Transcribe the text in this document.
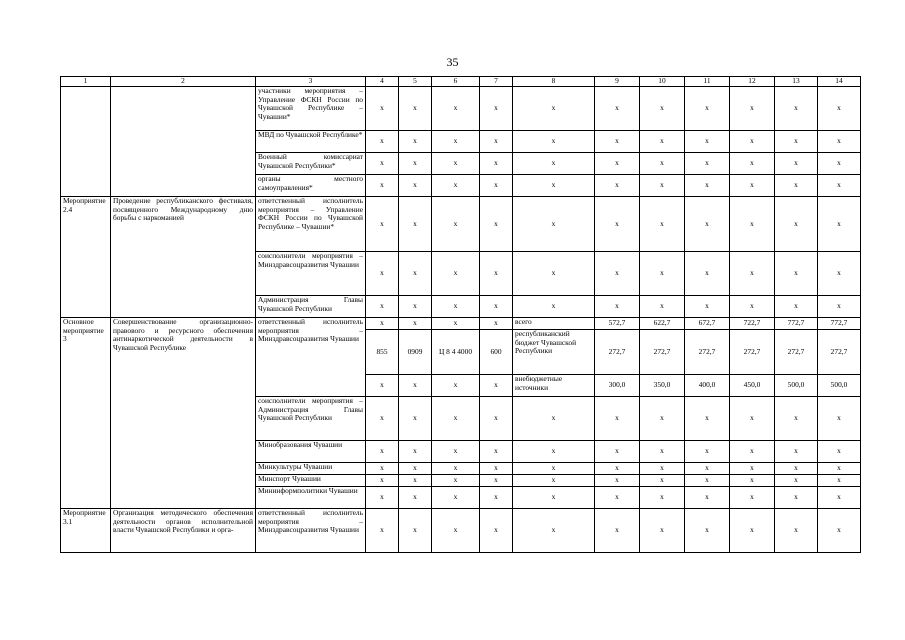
35
1	2	3	4	5	6	7	8	9	10	11	12	13	14
		участники мероприятия – Управление ФСКН России по Чувашской Республике – Чувашии*	x	x	x	x	x	x	x	x	x	x	x
		МВД по Чувашской Республике*	x	x	x	x	x	x	x	x	x	x	x
		Военный комиссариат Чувашской Республики*	x	x	x	x	x	x	x	x	x	x	x
		органы местного самоуправления*	x	x	x	x	x	x	x	x	x	x	x
Мероприятие 2.4	Проведение республиканского фестиваля, посвященного Международному дню борьбы с наркоманией	ответственный исполнитель мероприятия – Управление ФСКН России по Чувашской Республике – Чувашии*	x	x	x	x	x	x	x	x	x	x	x
		соисполнители мероприятия – Минздравсоцразвития Чувашии	x	x	x	x	x	x	x	x	x	x	x
		Администрация Главы Чувашской Республики	x	x	x	x	x	x	x	x	x	x	x
Основное мероприятие 3	Совершенствование организационно-правового и ресурсного обеспечения антинаркотической деятельности в Чувашской Республике	ответственный исполнитель мероприятия – Минздравсоцразвития Чувашии	x	x	x	x	всего	572,7	622,7	672,7	722,7	772,7	772,7
			855	0909	Ц 8 4 4000	600	республиканский бюджет Чувашской Республики	272,7	272,7	272,7	272,7	272,7	272,7
			x	x	x	x	внебюджетные источники	300,0	350,0	400,0	450,0	500,0	500,0
		соисполнители мероприятия – Администрация Главы Чувашской Республики	x	x	x	x	x	x	x	x	x	x	x
		Минобразования Чувашии	x	x	x	x	x	x	x	x	x	x	x
		Минкультуры Чувашии	x	x	x	x	x	x	x	x	x	x	x
		Минспорт Чувашии	x	x	x	x	x	x	x	x	x	x	x
		Мининформполитики Чувашии	x	x	x	x	x	x	x	x	x	x	x
Мероприятие 3.1	Организация методического обеспечения деятельности органов исполнительной власти Чувашской Республики и орга-	ответственный исполнитель мероприятия – Минздравсоцразвития Чувашии	x	x	x	x	x	x	x	x	x	x	x
